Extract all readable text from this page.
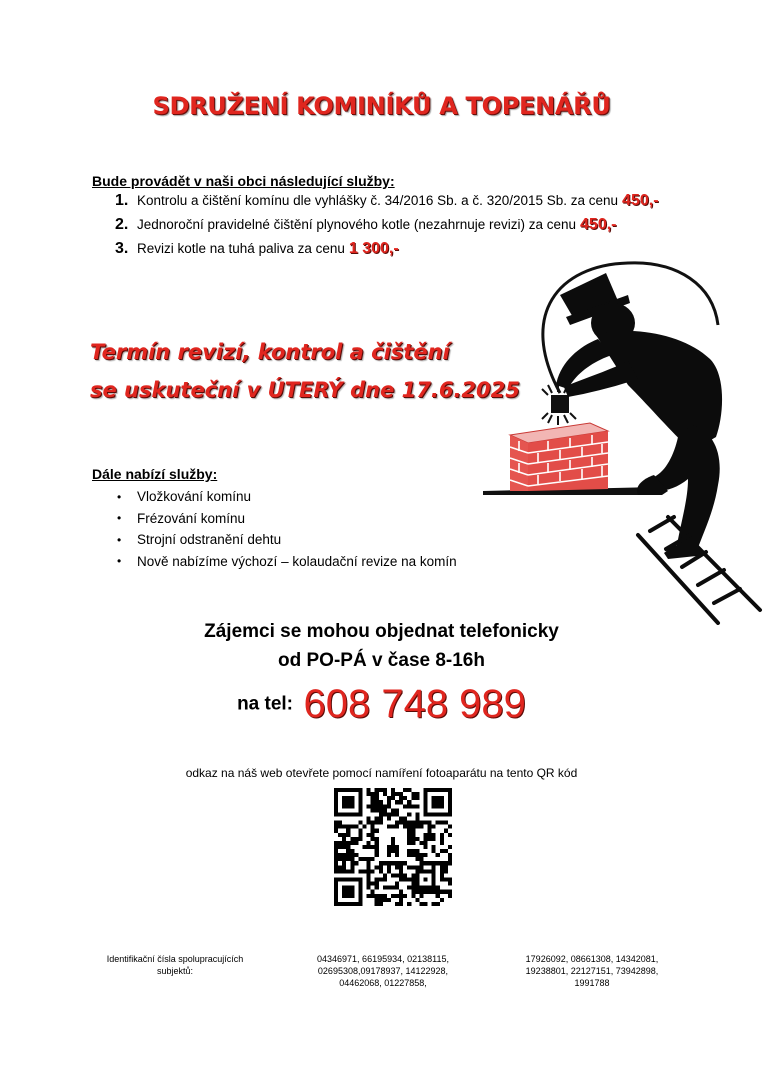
SDRUŽENÍ KOMINÍKŮ A TOPENÁŘŮ
Bude provádět v naši obci následující služby:
1. Kontrolu a čištění komínu dle vyhlášky č. 34/2016 Sb. a č. 320/2015 Sb. za cenu 450,-
2. Jednoroční pravidelné čištění plynového kotle (nezahrnuje revizi) za cenu 450,-
3. Revizi kotle na tuhá paliva za cenu 1 300,-
Termín revizí, kontrol a čištění
se uskuteční v ÚTERÝ dne 17.6.2025
Dále nabízí služby:
•	Vložkování komínu
•	Frézování komínu
•	Strojní odstranění dehtu
•	Nově nabízíme výchozí – kolaudační revize na komín
Zájemci se mohou objednat telefonicky
od PO-PÁ v čase 8-16h
na tel: 608 748 989
odkaz na náš web otevřete pomocí namíření fotoaparátu na tento QR kód
Identifikační čísla spolupracujících subjektů:
04346971, 66195934, 02138115, 02695308,09178937, 14122928, 04462068, 01227858,
17926092, 08661308, 14342081, 19238801, 22127151, 73942898, 1991788
